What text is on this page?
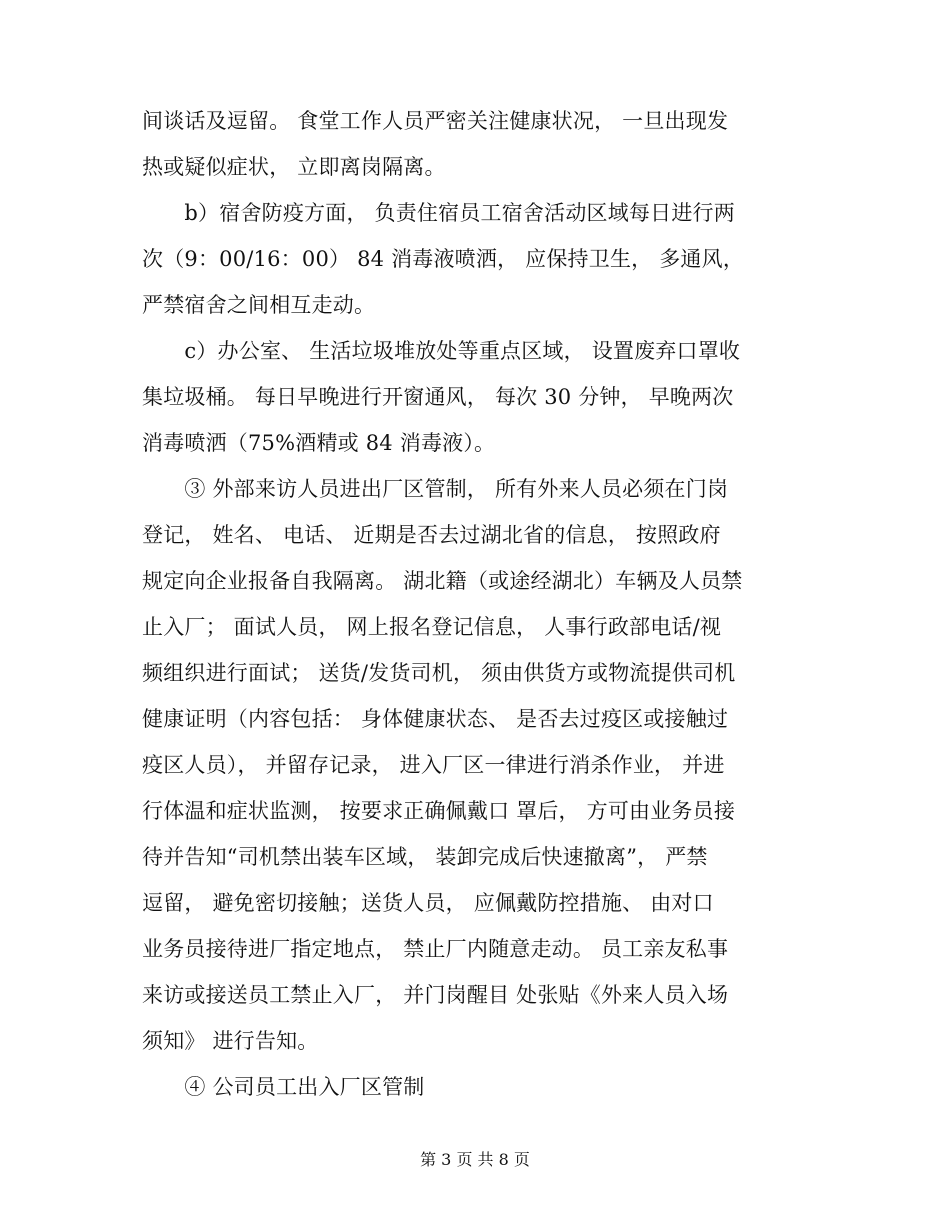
间谈话及逗留。 食堂工作人员严密关注健康状况， 一旦出现发
热或疑似症状， 立即离岗隔离。
　　b）宿舍防疫方面， 负责住宿员工宿舍活动区域每日进行两
次（9：00/16：00） 84 消毒液喷洒， 应保持卫生， 多通风，
严禁宿舍之间相互走动。
　　c）办公室、 生活垃圾堆放处等重点区域， 设置废弃口罩收
集垃圾桶。 每日早晚进行开窗通风， 每次 30 分钟， 早晚两次
消毒喷洒（75%酒精或 84 消毒液）。
　　③ 外部来访人员进出厂区管制， 所有外来人员必须在门岗
登记， 姓名、 电话、 近期是否去过湖北省的信息， 按照政府
规定向企业报备自我隔离。 湖北籍（或途经湖北）车辆及人员禁
止入厂； 面试人员， 网上报名登记信息， 人事行政部电话/视
频组织进行面试； 送货/发货司机， 须由供货方或物流提供司机
健康证明（内容包括： 身体健康状态、 是否去过疫区或接触过
疫区人员）， 并留存记录， 进入厂区一律进行消杀作业， 并进
行体温和症状监测， 按要求正确佩戴口 罩后， 方可由业务员接
待并告知“司机禁出装车区域， 装卸完成后快速撤离”， 严禁
逗留， 避免密切接触；送货人员， 应佩戴防控措施、 由对口
业务员接待进厂指定地点， 禁止厂内随意走动。 员工亲友私事
来访或接送员工禁止入厂， 并门岗醒目 处张贴《外来人员入场
须知》 进行告知。
　　④ 公司员工出入厂区管制
第 3 页 共 8 页
